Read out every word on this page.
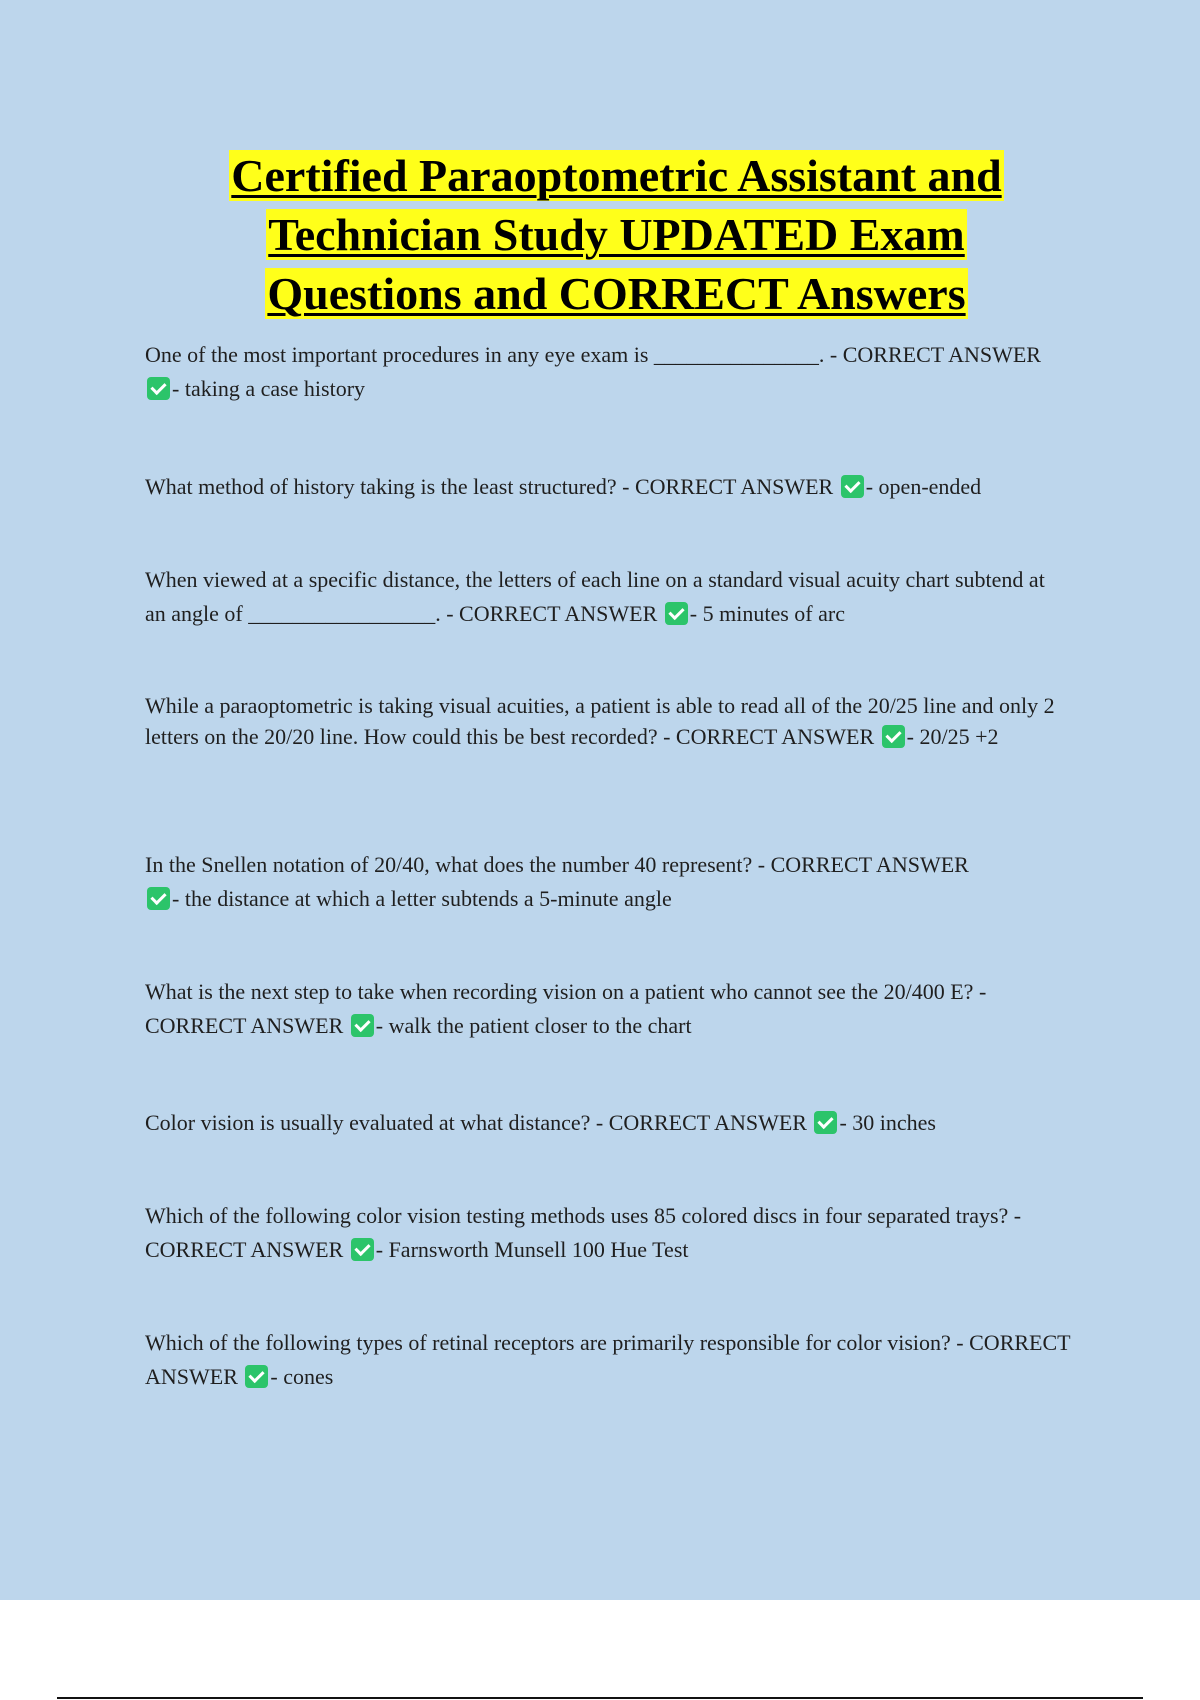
Certified Paraoptometric Assistant and
Technician Study UPDATED Exam
Questions and CORRECT Answers

One of the most important procedures in any eye exam is _______________. - CORRECT ANSWER - taking a case history

What method of history taking is the least structured? - CORRECT ANSWER - open-ended

When viewed at a specific distance, the letters of each line on a standard visual acuity chart subtend at an angle of _________________. - CORRECT ANSWER - 5 minutes of arc

While a paraoptometric is taking visual acuities, a patient is able to read all of the 20/25 line and only 2 letters on the 20/20 line. How could this be best recorded? - CORRECT ANSWER - 20/25 +2

In the Snellen notation of 20/40, what does the number 40 represent? - CORRECT ANSWER - the distance at which a letter subtends a 5-minute angle

What is the next step to take when recording vision on a patient who cannot see the 20/400 E? - CORRECT ANSWER - walk the patient closer to the chart

Color vision is usually evaluated at what distance? - CORRECT ANSWER - 30 inches

Which of the following color vision testing methods uses 85 colored discs in four separated trays? - CORRECT ANSWER - Farnsworth Munsell 100 Hue Test

Which of the following types of retinal receptors are primarily responsible for color vision? - CORRECT ANSWER - cones
